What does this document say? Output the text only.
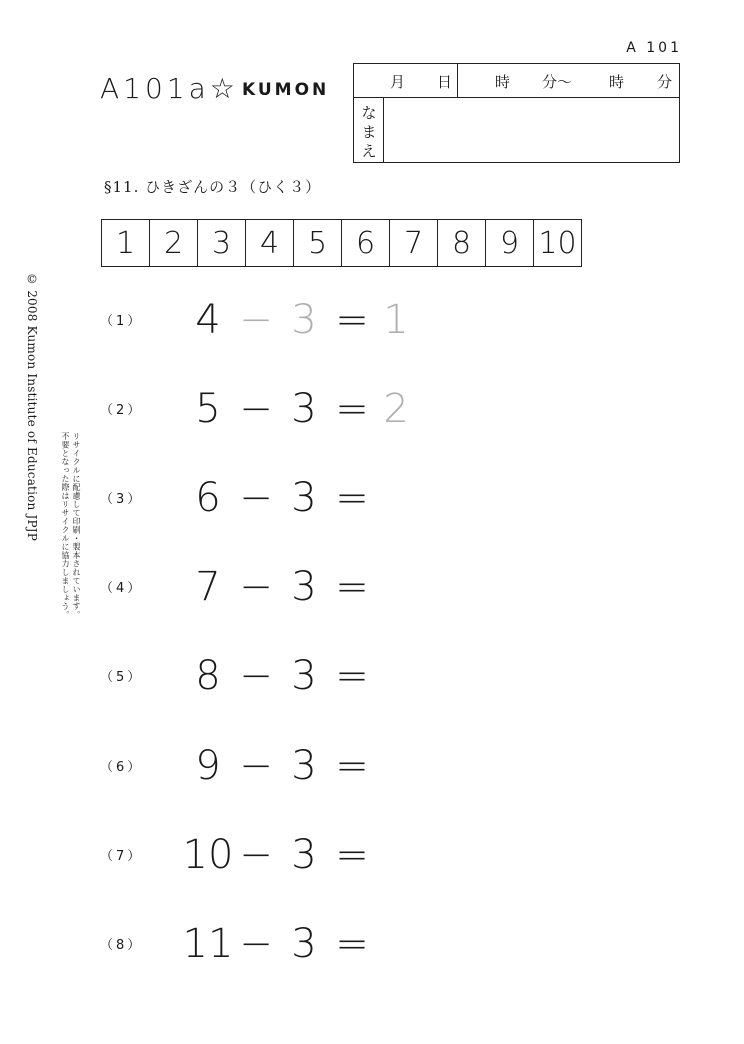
A 101
A101a☆ KUMON	月 日	時 分〜 時 分
なまえ
§11. ひきざんの３（ひく３）
1 2 3 4 5 6 7 8 9 10
© 2008 Kumon Institute of Education JPJP	リサイクルに配慮して印刷・製本されています。
不要となった際はリサイクルに協力しましょう。
（1）	4 − 3 = 1
（2）	5 − 3 = 2
（3）	6 − 3 =
（4）	7 − 3 =
（5）	8 − 3 =
（6）	9 − 3 =
（7） 10 − 3 =
（8） 11 − 3 =
